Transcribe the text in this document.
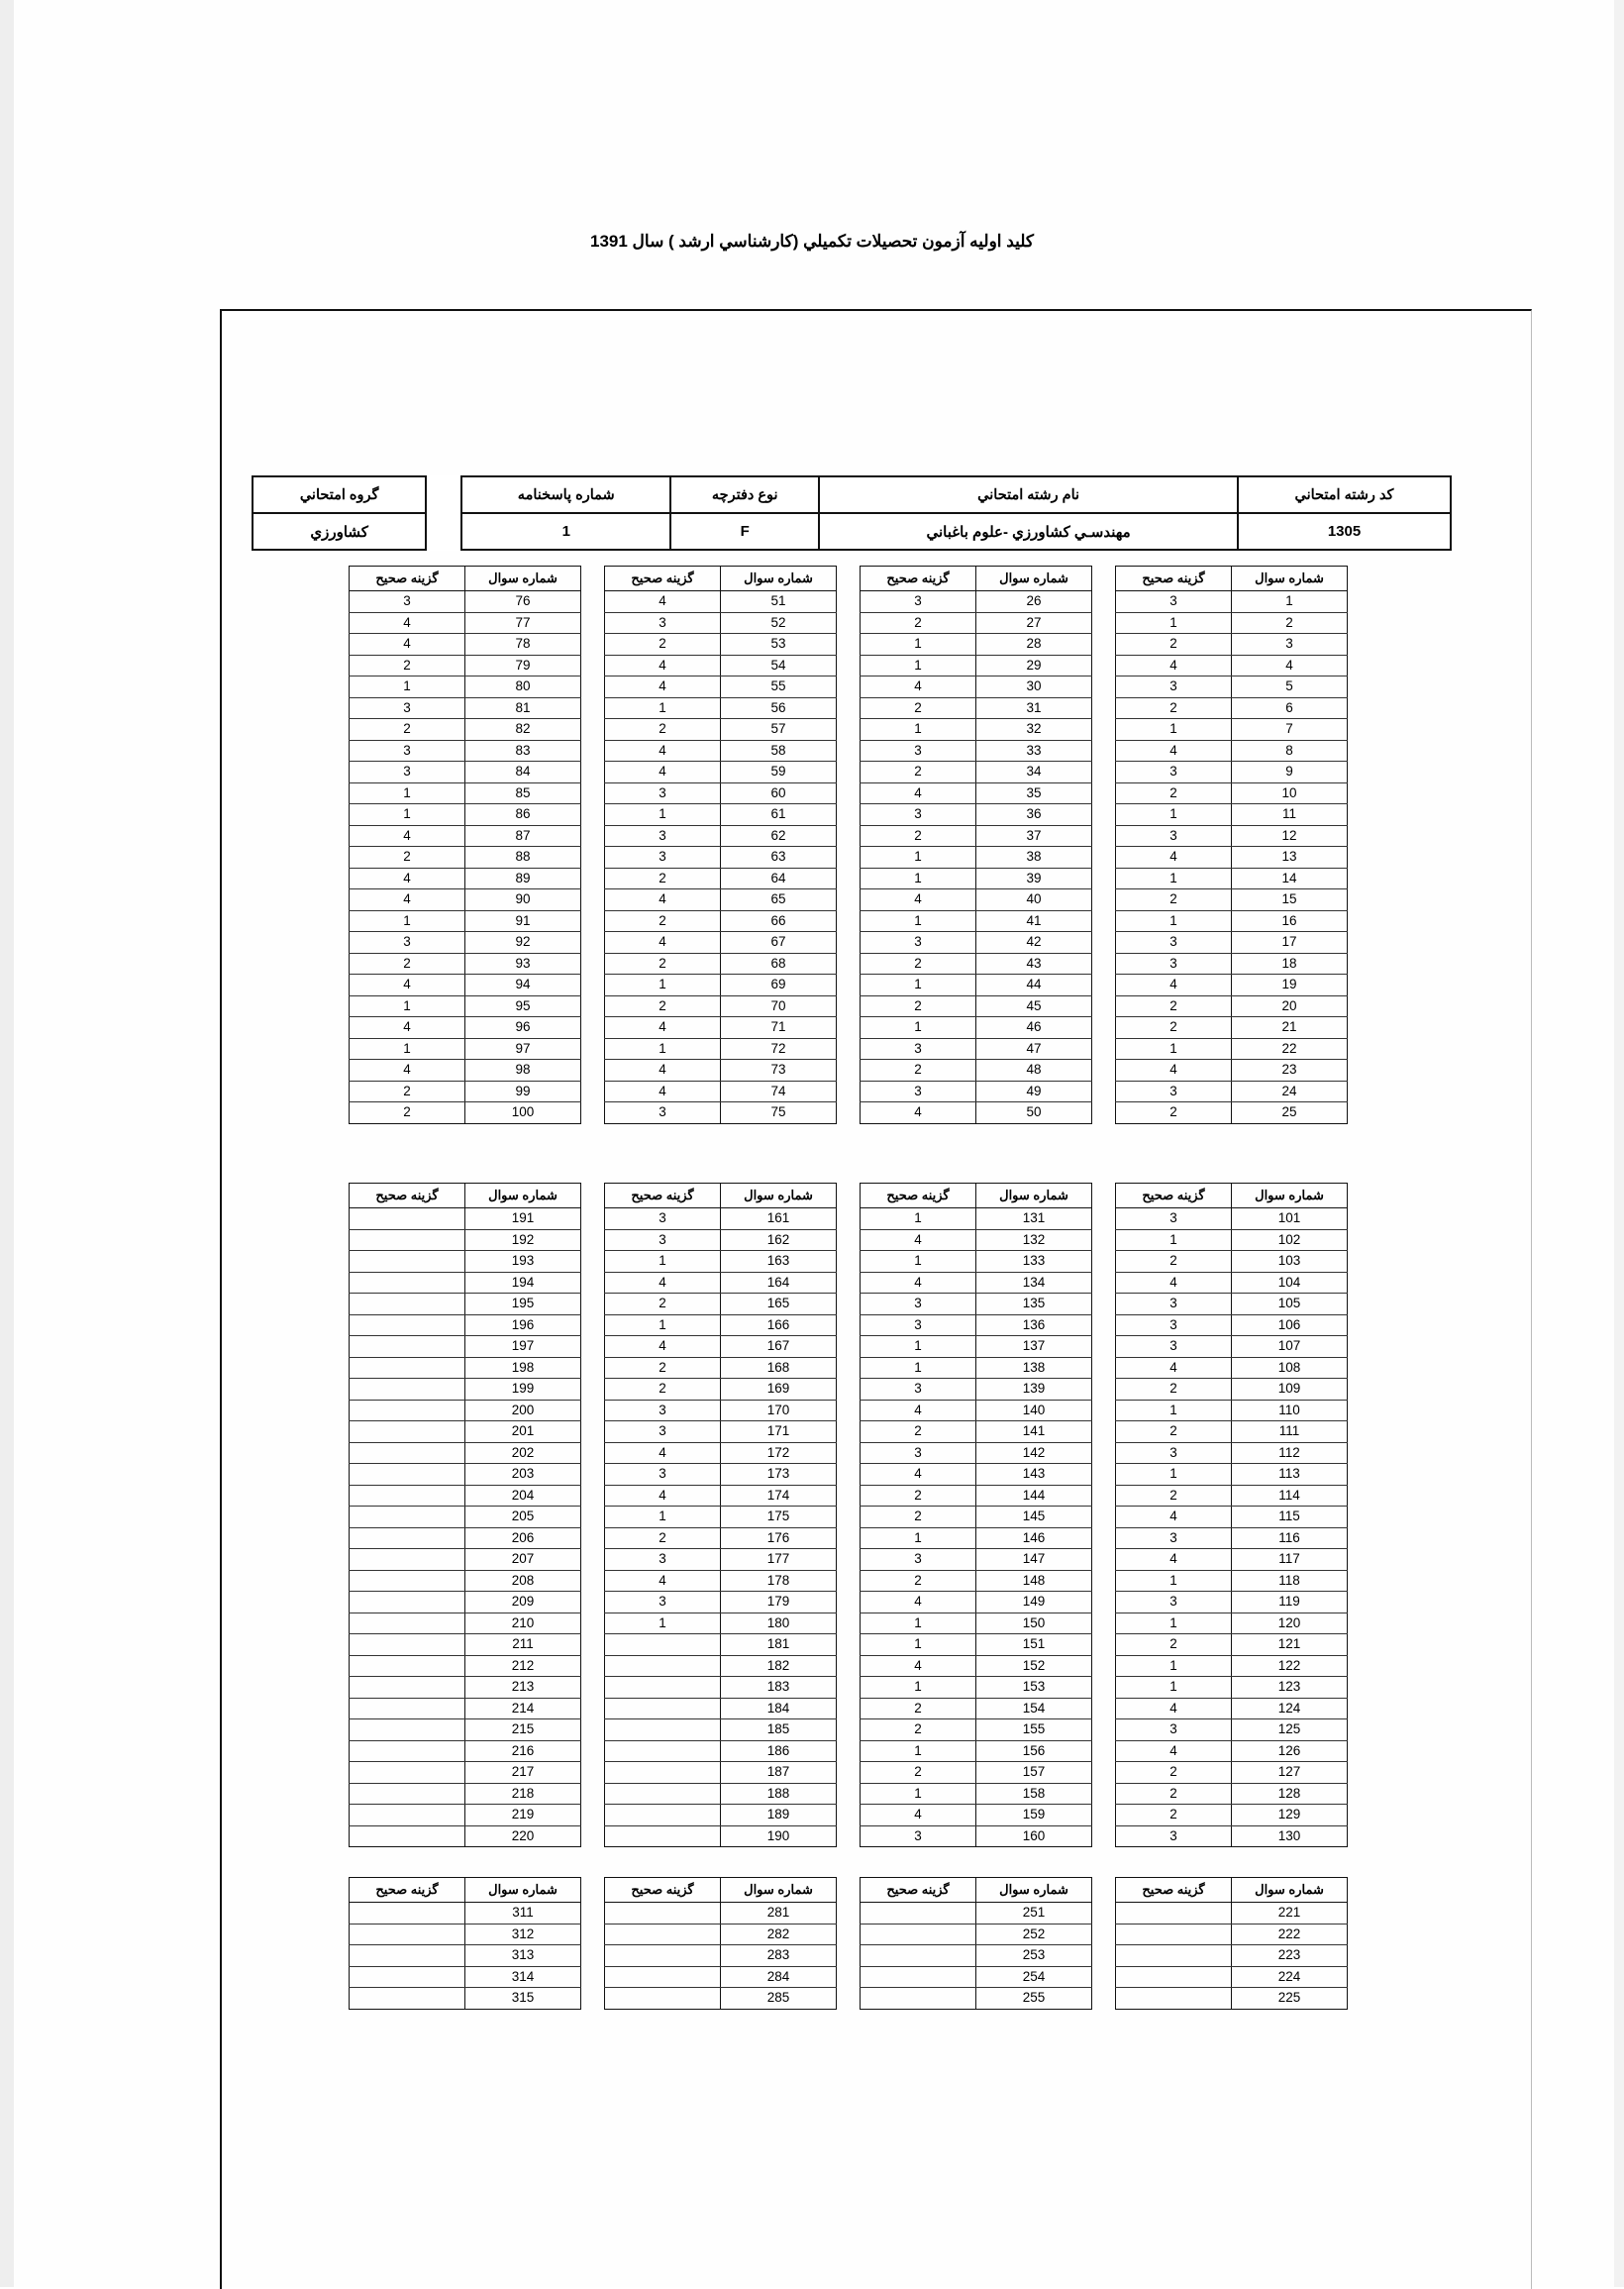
كليد اوليه آزمون تحصيلات تكميلي (كارشناسي ارشد ) سال 1391
كد رشته امتحاني	نام رشته امتحاني	نوع دفترچه	شماره پاسخنامه		گروه امتحاني
1305	مهندسـي كشاورزي -علوم باغباني	F	1		كشاورزي
شماره سوال	گزينه صحيح
1	3
2	1
3	2
4	4
5	3
6	2
7	1
8	4
9	3
10	2
11	1
12	3
13	4
14	1
15	2
16	1
17	3
18	3
19	4
20	2
21	2
22	1
23	4
24	3
25	2
شماره سوال	گزينه صحيح
26	3
27	2
28	1
29	1
30	4
31	2
32	1
33	3
34	2
35	4
36	3
37	2
38	1
39	1
40	4
41	1
42	3
43	2
44	1
45	2
46	1
47	3
48	2
49	3
50	4
شماره سوال	گزينه صحيح
51	4
52	3
53	2
54	4
55	4
56	1
57	2
58	4
59	4
60	3
61	1
62	3
63	3
64	2
65	4
66	2
67	4
68	2
69	1
70	2
71	4
72	1
73	4
74	4
75	3
شماره سوال	گزينه صحيح
76	3
77	4
78	4
79	2
80	1
81	3
82	2
83	3
84	3
85	1
86	1
87	4
88	2
89	4
90	4
91	1
92	3
93	2
94	4
95	1
96	4
97	1
98	4
99	2
100	2
شماره سوال	گزينه صحيح
101	3
102	1
103	2
104	4
105	3
106	3
107	3
108	4
109	2
110	1
111	2
112	3
113	1
114	2
115	4
116	3
117	4
118	1
119	3
120	1
121	2
122	1
123	1
124	4
125	3
126	4
127	2
128	2
129	2
130	3
شماره سوال	گزينه صحيح
131	1
132	4
133	1
134	4
135	3
136	3
137	1
138	1
139	3
140	4
141	2
142	3
143	4
144	2
145	2
146	1
147	3
148	2
149	4
150	1
151	1
152	4
153	1
154	2
155	2
156	1
157	2
158	1
159	4
160	3
شماره سوال	گزينه صحيح
161	3
162	3
163	1
164	4
165	2
166	1
167	4
168	2
169	2
170	3
171	3
172	4
173	3
174	4
175	1
176	2
177	3
178	4
179	3
180	1
181	
182	
183	
184	
185	
186	
187	
188	
189	
190	
شماره سوال	گزينه صحيح
191	
192	
193	
194	
195	
196	
197	
198	
199	
200	
201	
202	
203	
204	
205	
206	
207	
208	
209	
210	
211	
212	
213	
214	
215	
216	
217	
218	
219	
220	
شماره سوال	گزينه صحيح
221	
222	
223	
224	
225	
شماره سوال	گزينه صحيح
251	
252	
253	
254	
255	
شماره سوال	گزينه صحيح
281	
282	
283	
284	
285	
شماره سوال	گزينه صحيح
311	
312	
313	
314	
315	
